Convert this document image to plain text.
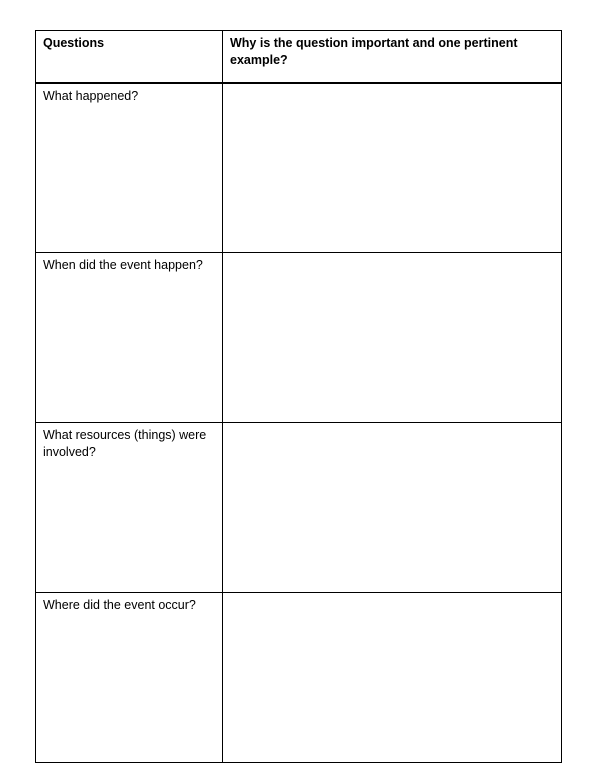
Questions	Why is the question important and one pertinent example?
What happened?	
When did the event happen?	
What resources (things) were involved?	
Where did the event occur?	
